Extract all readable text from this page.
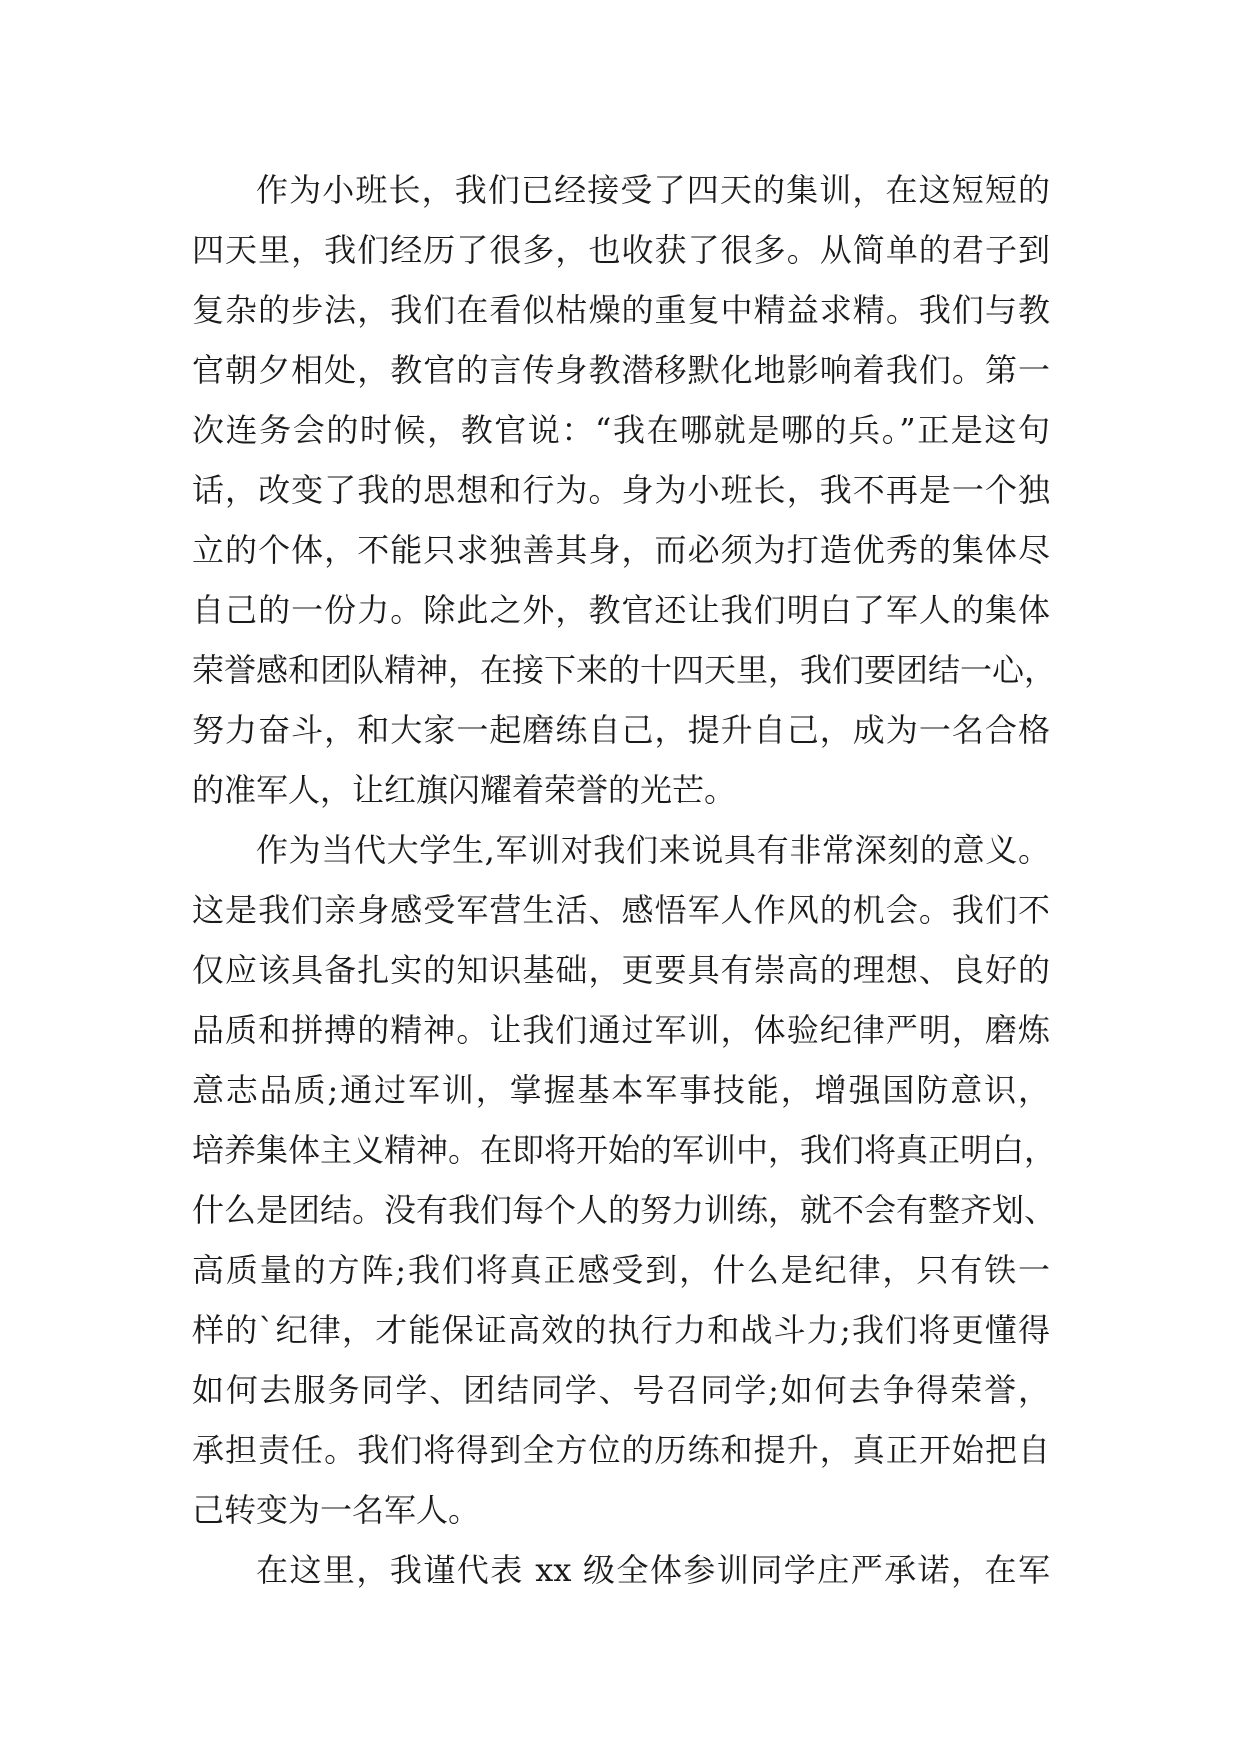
作为小班长，我们已经接受了四天的集训，在这短短的
四天里，我们经历了很多，也收获了很多。从简单的君子到
复杂的步法，我们在看似枯燥的重复中精益求精。我们与教
官朝夕相处，教官的言传身教潜移默化地影响着我们。第一
次连务会的时候，教官说：“我在哪就是哪的兵。”正是这句
话，改变了我的思想和行为。身为小班长，我不再是一个独
立的个体，不能只求独善其身，而必须为打造优秀的集体尽
自己的一份力。除此之外，教官还让我们明白了军人的集体
荣誉感和团队精神，在接下来的十四天里，我们要团结一心，
努力奋斗，和大家一起磨练自己，提升自己，成为一名合格
的准军人，让红旗闪耀着荣誉的光芒。
作为当代大学生,军训对我们来说具有非常深刻的意义。
这是我们亲身感受军营生活、感悟军人作风的机会。我们不
仅应该具备扎实的知识基础，更要具有崇高的理想、良好的
品质和拼搏的精神。让我们通过军训，体验纪律严明，磨炼
意志品质;通过军训，掌握基本军事技能，增强国防意识，
培养集体主义精神。在即将开始的军训中，我们将真正明白，
什么是团结。没有我们每个人的努力训练，就不会有整齐划、
高质量的方阵;我们将真正感受到，什么是纪律，只有铁一
样的`纪律，才能保证高效的执行力和战斗力;我们将更懂得
如何去服务同学、团结同学、号召同学;如何去争得荣誉，
承担责任。我们将得到全方位的历练和提升，真正开始把自
己转变为一名军人。
在这里，我谨代表 xx 级全体参训同学庄严承诺，在军
